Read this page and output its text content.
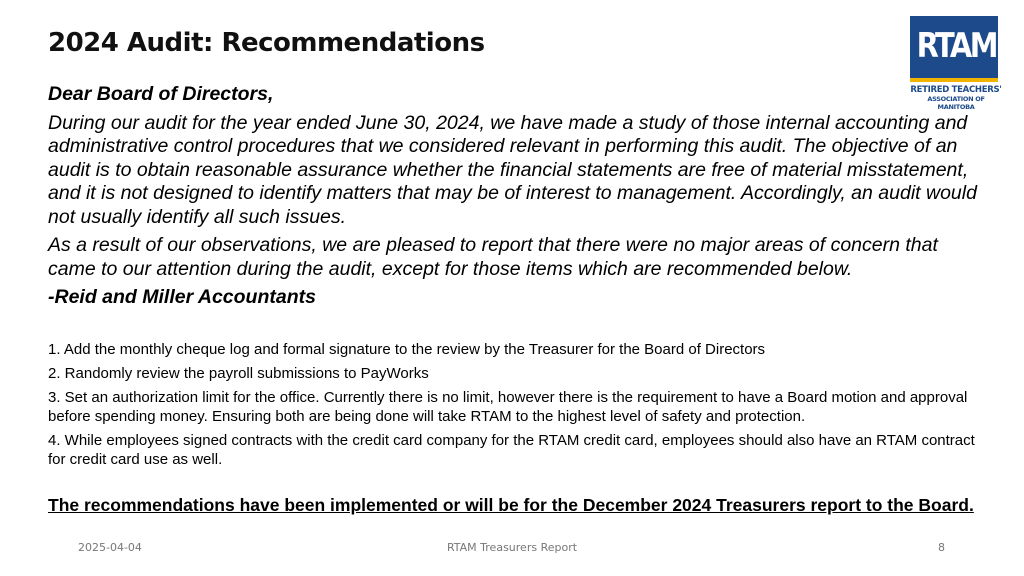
2024 Audit: Recommendations	RTAM
RETIRED TEACHERS'
ASSOCIATION OF MANITOBA

Dear Board of Directors,

During our audit for the year ended June 30, 2024, we have made a study of those internal accounting and administrative control procedures that we considered relevant in performing this audit. The objective of an audit is to obtain reasonable assurance whether the financial statements are free of material misstatement, and it is not designed to identify matters that may be of interest to management. Accordingly, an audit would not usually identify all such issues.

As a result of our observations, we are pleased to report that there were no major areas of concern that came to our attention during the audit, except for those items which are recommended below.

-Reid and Miller Accountants

1. Add the monthly cheque log and formal signature to the review by the Treasurer for the Board of Directors

2. Randomly review the payroll submissions to PayWorks

3. Set an authorization limit for the office. Currently there is no limit, however there is the requirement to have a Board motion and approval before spending money. Ensuring both are being done will take RTAM to the highest level of safety and protection.

4. While employees signed contracts with the credit card company for the RTAM credit card, employees should also have an RTAM contract for credit card use as well.

The recommendations have been implemented or will be for the December 2024 Treasurers report to the Board.
2025-04-04	RTAM Treasurers Report	8
